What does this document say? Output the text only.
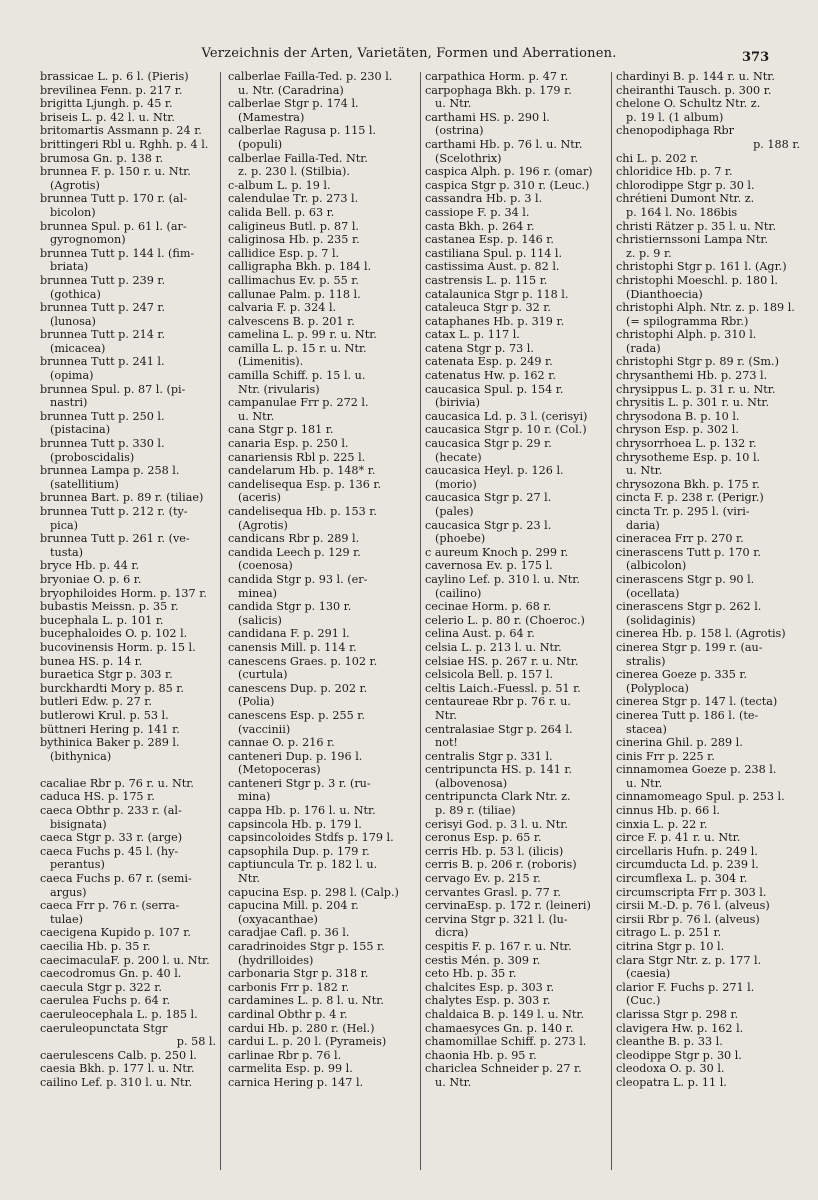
Verzeichnis der Arten, Varietäten, Formen und Aberrationen.	373
brassicae L. p. 6 l. (Pieris)
brevilinea Fenn. p. 217 r.
brigitta Ljungh. p. 45 r.
briseis L. p. 42 l. u. Ntr.
britomartis Assmann p. 24 r.
brittingeri Rbl u. Rghh. p. 4 l.
brumosa Gn. p. 138 r.
brunnea F. p. 150 r. u. Ntr.
(Agrotis)
brunnea Tutt p. 170 r. (al-
bicolon)
brunnea Spul. p. 61 l. (ar-
gyrognomon)
brunnea Tutt p. 144 l. (fim-
briata)
brunnea Tutt p. 239 r.
(gothica)
brunnea Tutt p. 247 r.
(lunosa)
brunnea Tutt p. 214 r.
(micacea)
brunnea Tutt p. 241 l.
(opima)
brunnea Spul. p. 87 l. (pi-
nastri)
brunnea Tutt p. 250 l.
(pistacina)
brunnea Tutt p. 330 l.
(proboscidalis)
brunnea Lampa p. 258 l.
(satellitium)
brunnea Bart. p. 89 r. (tiliae)
brunnea Tutt p. 212 r. (ty-
pica)
brunnea Tutt p. 261 r. (ve-
tusta)
bryce Hb. p. 44 r.
bryoniae O. p. 6 r.
bryophiloides Horm. p. 137 r.
bubastis Meissn. p. 35 r.
bucephala L. p. 101 r.
bucephaloides O. p. 102 l.
bucovinensis Horm. p. 15 l.
bunea HS. p. 14 r.
buraetica Stgr p. 303 r.
burckhardti Mory p. 85 r.
butleri Edw. p. 27 r.
butlerowi Krul. p. 53 l.
büttneri Hering p. 141 r.
bythinica Baker p. 289 l.
(bithynica)
cacaliae Rbr p. 76 r. u. Ntr.
caduca HS. p. 175 r.
caeca Obthr p. 233 r. (al-
bisignata)
caeca Stgr p. 33 r. (arge)
caeca Fuchs p. 45 l. (hy-
perantus)
caeca Fuchs p. 67 r. (semi-
argus)
caeca Frr p. 76 r. (serra-
tulae)
caecigena Kupido p. 107 r.
caecilia Hb. p. 35 r.
caecimaculaF. p. 200 l. u. Ntr.
caecodromus Gn. p. 40 l.
caecula Stgr p. 322 r.
caerulea Fuchs p. 64 r.
caeruleocephala L. p. 185 l.
caeruleopunctata Stgr
p. 58 l.
caerulescens Calb. p. 250 l.
caesia Bkh. p. 177 l. u. Ntr.
cailino Lef. p. 310 l. u. Ntr.
calberlae Failla-Ted. p. 230 l.
u. Ntr. (Caradrina)
calberlae Stgr p. 174 l.
(Mamestra)
calberlae Ragusa p. 115 l.
(populi)
calberlae Failla-Ted. Ntr.
z. p. 230 l. (Stilbia).
c-album L. p. 19 l.
calendulae Tr. p. 273 l.
calida Bell. p. 63 r.
caligineus Butl. p. 87 l.
caliginosa Hb. p. 235 r.
callidice Esp. p. 7 l.
calligrapha Bkh. p. 184 l.
callimachus Ev. p. 55 r.
callunae Palm. p. 118 l.
calvaria F. p. 324 l.
calvescens B. p. 201 r.
camelina L. p. 99 r. u. Ntr.
camilla L. p. 15 r. u. Ntr.
(Limenitis).
camilla Schiff. p. 15 l. u.
Ntr. (rivularis)
campanulae Frr p. 272 l.
u. Ntr.
cana Stgr p. 181 r.
canaria Esp. p. 250 l.
canariensis Rbl p. 225 l.
candelarum Hb. p. 148* r.
candelisequa Esp. p. 136 r.
(aceris)
candelisequa Hb. p. 153 r.
(Agrotis)
candicans Rbr p. 289 l.
candida Leech p. 129 r.
(coenosa)
candida Stgr p. 93 l. (er-
minea)
candida Stgr p. 130 r.
(salicis)
candidana F. p. 291 l.
canensis Mill. p. 114 r.
canescens Graes. p. 102 r.
(curtula)
canescens Dup. p. 202 r.
(Polia)
canescens Esp. p. 255 r.
(vaccinii)
cannae O. p. 216 r.
canteneri Dup. p. 196 l.
(Metopoceras)
canteneri Stgr p. 3 r. (ru-
mina)
cappa Hb. p. 176 l. u. Ntr.
capsincola Hb. p. 179 l.
capsincoloides Stdfs p. 179 l.
capsophila Dup. p. 179 r.
captiuncula Tr. p. 182 l. u.
Ntr.
capucina Esp. p. 298 l. (Calp.)
capucina Mill. p. 204 r.
(oxyacanthae)
caradjae Cafl. p. 36 l.
caradrinoides Stgr p. 155 r.
(hydrilloides)
carbonaria Stgr p. 318 r.
carbonis Frr p. 182 r.
cardamines L. p. 8 l. u. Ntr.
cardinal Obthr p. 4 r.
cardui Hb. p. 280 r. (Hel.)
cardui L. p. 20 l. (Pyrameis)
carlinae Rbr p. 76 l.
carmelita Esp. p. 99 l.
carnica Hering p. 147 l.
carpathica Horm. p. 47 r.
carpophaga Bkh. p. 179 r.
u. Ntr.
carthami HS. p. 290 l.
(ostrina)
carthami Hb. p. 76 l. u. Ntr.
(Scelothrix)
caspica Alph. p. 196 r. (omar)
caspica Stgr p. 310 r. (Leuc.)
cassandra Hb. p. 3 l.
cassiope F. p. 34 l.
casta Bkh. p. 264 r.
castanea Esp. p. 146 r.
castiliana Spul. p. 114 l.
castissima Aust. p. 82 l.
castrensis L. p. 115 r.
catalaunica Stgr p. 118 l.
cataleuca Stgr p. 32 r.
cataphanes Hb. p. 319 r.
catax L. p. 117 l.
catena Stgr p. 73 l.
catenata Esp. p. 249 r.
catenatus Hw. p. 162 r.
caucasica Spul. p. 154 r.
(birivia)
caucasica Ld. p. 3 l. (cerisyi)
caucasica Stgr p. 10 r. (Col.)
caucasica Stgr p. 29 r.
(hecate)
caucasica Heyl. p. 126 l.
(morio)
caucasica Stgr p. 27 l.
(pales)
caucasica Stgr p. 23 l.
(phoebe)
c aureum Knoch p. 299 r.
cavernosa Ev. p. 175 l.
caylino Lef. p. 310 l. u. Ntr.
(cailino)
cecinae Horm. p. 68 r.
celerio L. p. 80 r. (Choeroc.)
celina Aust. p. 64 r.
celsia L. p. 213 l. u. Ntr.
celsiae HS. p. 267 r. u. Ntr.
celsicola Bell. p. 157 l.
celtis Laich.-Fuessl. p. 51 r.
centaureae Rbr p. 76 r. u.
Ntr.
centralasiae Stgr p. 264 l.
not!
centralis Stgr p. 331 l.
centripuncta HS. p. 141 r.
(albovenosa)
centripuncta Clark Ntr. z.
p. 89 r. (tiliae)
cerisyi God. p. 3 l. u. Ntr.
ceronus Esp. p. 65 r.
cerris Hb. p. 53 l. (ilicis)
cerris B. p. 206 r. (roboris)
cervago Ev. p. 215 r.
cervantes Grasl. p. 77 r.
cervinaEsp. p. 172 r. (leineri)
cervina Stgr p. 321 l. (lu-
dicra)
cespitis F. p. 167 r. u. Ntr.
cestis Mén. p. 309 r.
ceto Hb. p. 35 r.
chalcites Esp. p. 303 r.
chalytes Esp. p. 303 r.
chaldaica B. p. 149 l. u. Ntr.
chamaesyces Gn. p. 140 r.
chamomillae Schiff. p. 273 l.
chaonia Hb. p. 95 r.
chariclea Schneider p. 27 r.
u. Ntr.
chardinyi B. p. 144 r. u. Ntr.
cheiranthi Tausch. p. 300 r.
chelone O. Schultz Ntr. z.
p. 19 l. (1 album)
chenopodiphaga Rbr
p. 188 r.
chi L. p. 202 r.
chloridice Hb. p. 7 r.
chlorodippe Stgr p. 30 l.
chrétieni Dumont Ntr. z.
p. 164 l. No. 186bis
christi Rätzer p. 35 l. u. Ntr.
christiernssoni Lampa Ntr.
z. p. 9 r.
christophi Stgr p. 161 l. (Agr.)
christophi Moeschl. p. 180 l.
(Dianthoecia)
christophi Alph. Ntr. z. p. 189 l.
(= spilogramma Rbr.)
christophi Alph. p. 310 l.
(rada)
christophi Stgr p. 89 r. (Sm.)
chrysanthemi Hb. p. 273 l.
chrysippus L. p. 31 r. u. Ntr.
chrysitis L. p. 301 r. u. Ntr.
chrysodona B. p. 10 l.
chryson Esp. p. 302 l.
chrysorrhoea L. p. 132 r.
chrysotheme Esp. p. 10 l.
u. Ntr.
chrysozona Bkh. p. 175 r.
cincta F. p. 238 r. (Perigr.)
cincta Tr. p. 295 l. (viri-
daria)
cineracea Frr p. 270 r.
cinerascens Tutt p. 170 r.
(albicolon)
cinerascens Stgr p. 90 l.
(ocellata)
cinerascens Stgr p. 262 l.
(solidaginis)
cinerea Hb. p. 158 l. (Agrotis)
cinerea Stgr p. 199 r. (au-
stralis)
cinerea Goeze p. 335 r.
(Polyploca)
cinerea Stgr p. 147 l. (tecta)
cinerea Tutt p. 186 l. (te-
stacea)
cinerina Ghil. p. 289 l.
cinis Frr p. 225 r.
cinnamomea Goeze p. 238 l.
u. Ntr.
cinnamomeago Spul. p. 253 l.
cinnus Hb. p. 66 l.
cinxia L. p. 22 r.
circe F. p. 41 r. u. Ntr.
circellaris Hufn. p. 249 l.
circumducta Ld. p. 239 l.
circumflexa L. p. 304 r.
circumscripta Frr p. 303 l.
cirsii M.-D. p. 76 l. (alveus)
cirsii Rbr p. 76 l. (alveus)
citrago L. p. 251 r.
citrina Stgr p. 10 l.
clara Stgr Ntr. z. p. 177 l.
(caesia)
clarior F. Fuchs p. 271 l.
(Cuc.)
clarissa Stgr p. 298 r.
clavigera Hw. p. 162 l.
cleanthe B. p. 33 l.
cleodippe Stgr p. 30 l.
cleodoxa O. p. 30 l.
cleopatra L. p. 11 l.
